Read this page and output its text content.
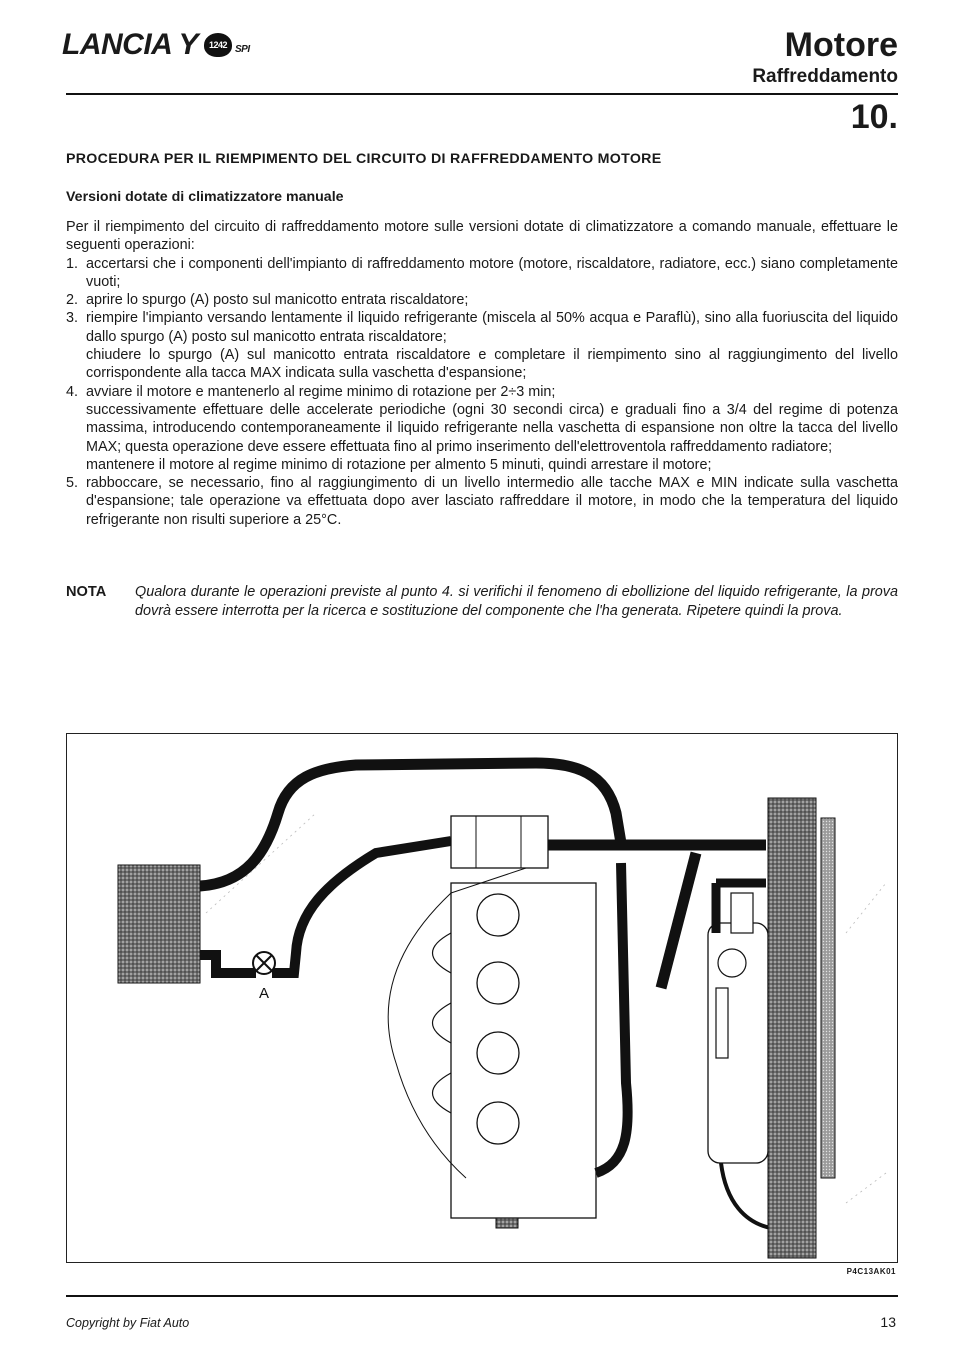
LANCIA Y	1242 SPI	Motore
Raffreddamento
10.
PROCEDURA PER IL RIEMPIMENTO DEL CIRCUITO DI RAFFREDDAMENTO MOTORE
Versioni dotate di climatizzatore manuale

Per il riempimento del circuito di raffreddamento motore sulle versioni dotate di climatizzatore a comando manuale, effettuare le seguenti operazioni:

1. accertarsi che i componenti dell'impianto di raffreddamento motore (motore, riscaldatore, radiatore, ecc.) siano completamente vuoti;

2. aprire lo spurgo (A) posto sul manicotto entrata riscaldatore;

3. riempire l'impianto versando lentamente il liquido refrigerante (miscela al 50% acqua e Paraflù), sino alla fuoriuscita del liquido dallo spurgo (A) posto sul manicotto entrata riscaldatore;

chiudere lo spurgo (A) sul manicotto entrata riscaldatore e completare il riempimento sino al raggiungimento del livello corrispondente alla tacca MAX indicata sulla vaschetta d'espansione;

4. avviare il motore e mantenerlo al regime minimo di rotazione per 2÷3 min;

successivamente effettuare delle accelerate periodiche (ogni 30 secondi circa) e graduali fino a 3/4 del regime di potenza massima, introducendo contemporaneamente il liquido refrigerante nella vaschetta di espansione non oltre la tacca del livello MAX; questa operazione deve essere effettuata fino al primo inserimento dell'elettroventola raffreddamento radiatore;

mantenere il motore al regime minimo di rotazione per almento 5 minuti, quindi arrestare il motore;

5. rabboccare, se necessario, fino al raggiungimento di un livello intermedio alle tacche MAX e MIN indicate sulla vaschetta d'espansione; tale operazione va effettuata dopo aver lasciato raffreddare il motore, in modo che la temperatura del liquido refrigerante non risulti superiore a 25°C.

NOTA Qualora durante le operazioni previste al punto 4. si verifichi il fenomeno di ebollizione del liquido refrigerante, la prova dovrà essere interrotta per la ricerca e sostituzione del componente che l'ha generata. Ripetere quindi la prova.
A
P4C13AK01
Copyright by Fiat Auto	13
